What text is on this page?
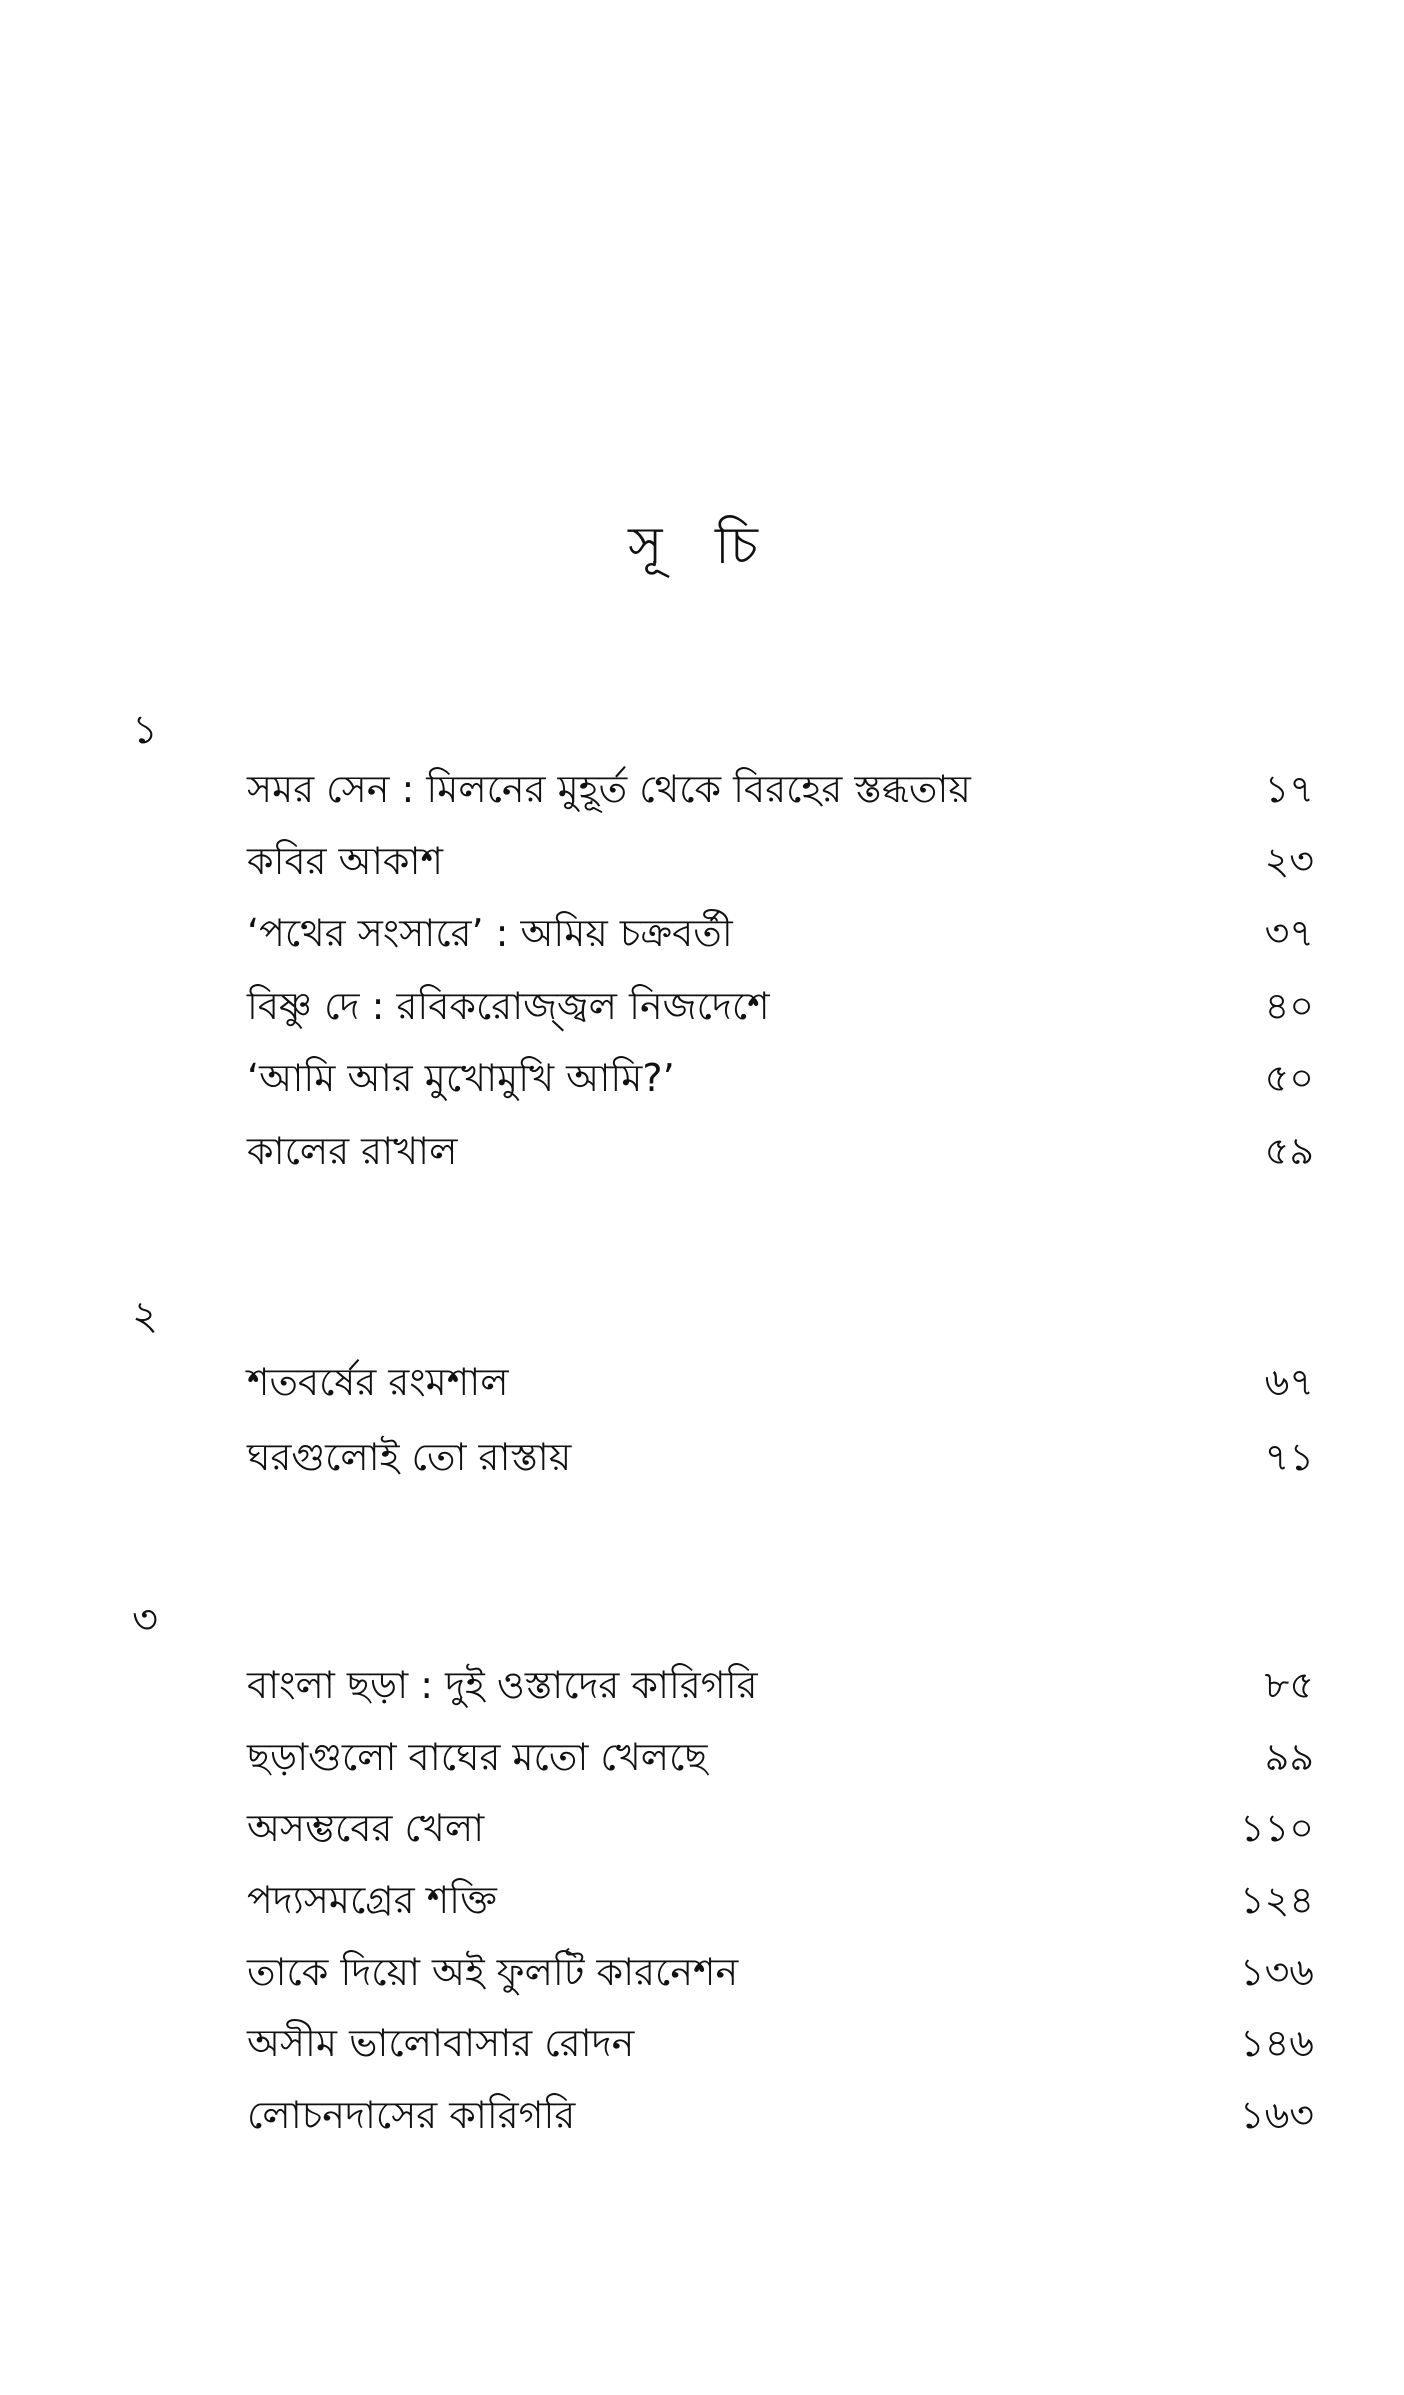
সূ চি
১
সমর সেন : মিলনের মুহূর্ত থেকে বিরহের স্তব্ধতায়	১৭
কবির আকাশ	২৩
‘পথের সংসারে’ : অমিয় চক্রবর্তী	৩৭
বিষ্ণু দে : রবিকরোজ্জ্বল নিজদেশে	৪০
‘আমি আর মুখোমুখি আমি?’	৫০
কালের রাখাল	৫৯
২
শতবর্ষের রংমশাল	৬৭
ঘরগুলোই তো রাস্তায়	৭১
৩
বাংলা ছড়া : দুই ওস্তাদের কারিগরি	৮৫
ছড়াগুলো বাঘের মতো খেলছে	৯৯
অসম্ভবের খেলা	১১০
পদ্যসমগ্রের শক্তি	১২৪
তাকে দিয়ো অই ফুলটি কারনেশন	১৩৬
অসীম ভালোবাসার রোদন	১৪৬
লোচনদাসের কারিগরি	১৬৩
